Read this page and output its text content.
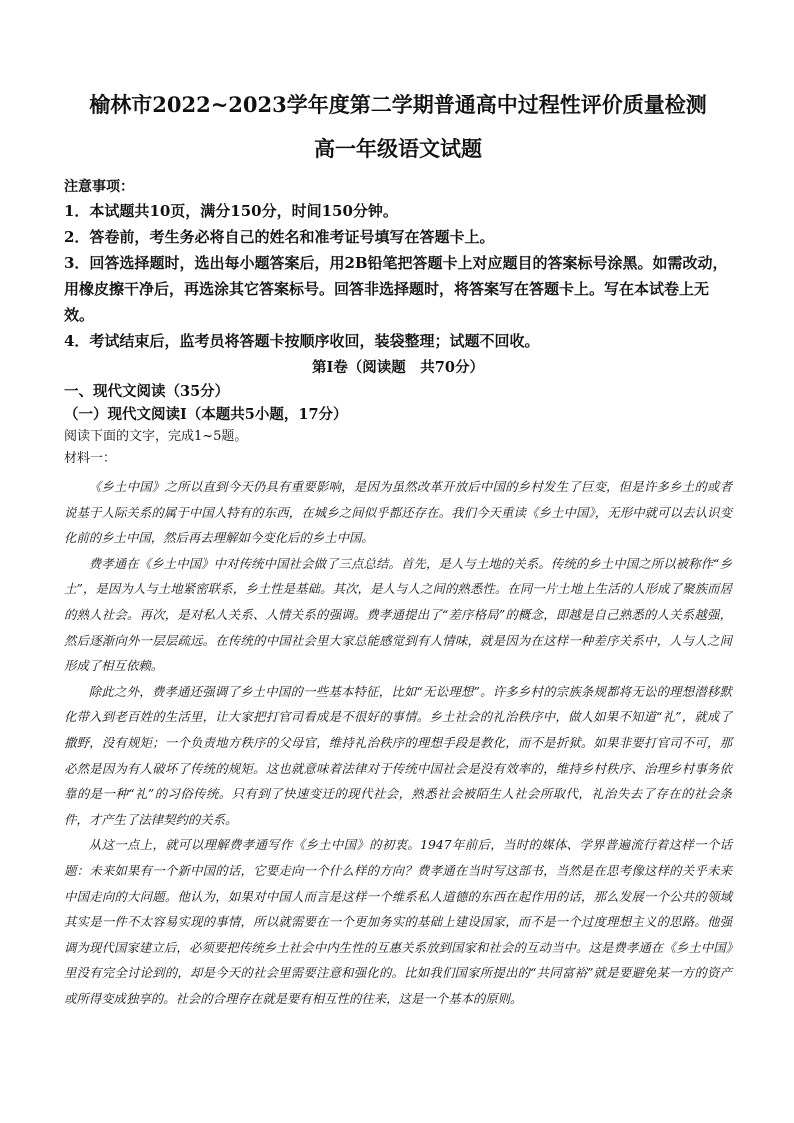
榆林市2022~2023学年度第二学期普通高中过程性评价质量检测
高一年级语文试题
注意事项：
1．本试题共10页，满分150分，时间150分钟。
2．答卷前，考生务必将自己的姓名和准考证号填写在答题卡上。
3．回答选择题时，选出每小题答案后，用2B铅笔把答题卡上对应题目的答案标号涂黑。如需改动，用橡皮擦干净后，再选涂其它答案标号。回答非选择题时，将答案写在答题卡上。写在本试卷上无效。
4．考试结束后，监考员将答题卡按顺序收回，装袋整理；试题不回收。
第Ⅰ卷（阅读题　共70分）
一、现代文阅读（35分）
（一）现代文阅读Ⅰ（本题共5小题，17分）
阅读下面的文字，完成1~5题。
材料一：

《乡土中国》之所以直到今天仍具有重要影响，是因为虽然改革开放后中国的乡村发生了巨变，但是许多乡土的或者说基于人际关系的属于中国人特有的东西，在城乡之间似乎都还存在。我们今天重读《乡土中国》，无形中就可以去认识变化前的乡土中国，然后再去理解如今变化后的乡土中国。

费孝通在《乡土中国》中对传统中国社会做了三点总结。首先，是人与土地的关系。传统的乡土中国之所以被称作“乡土”，是因为人与土地紧密联系，乡土性是基础。其次，是人与人之间的熟悉性。在同一片土地上生活的人形成了聚族而居的熟人社会。再次，是对私人关系、人情关系的强调。费孝通提出了“差序格局”的概念，即越是自己熟悉的人关系越强，然后逐渐向外一层层疏远。在传统的中国社会里大家总能感觉到有人情味，就是因为在这样一种差序关系中，人与人之间形成了相互依赖。

除此之外，费孝通还强调了乡土中国的一些基本特征，比如“无讼理想”。许多乡村的宗族条规都将无讼的理想潜移默化带入到老百姓的生活里，让大家把打官司看成是不很好的事情。乡土社会的礼治秩序中，做人如果不知道“礼”，就成了撒野，没有规矩；一个负责地方秩序的父母官，维持礼治秩序的理想手段是教化，而不是折狱。如果非要打官司不可，那必然是因为有人破坏了传统的规矩。这也就意味着法律对于传统中国社会是没有效率的，维持乡村秩序、治理乡村事务依靠的是一种“礼”的习俗传统。只有到了快速变迁的现代社会，熟悉社会被陌生人社会所取代，礼治失去了存在的社会条件，才产生了法律契约的关系。

从这一点上，就可以理解费孝通写作《乡土中国》的初衷。1947年前后，当时的媒体、学界普遍流行着这样一个话题：未来如果有一个新中国的话，它要走向一个什么样的方向？费孝通在当时写这部书，当然是在思考像这样的关乎未来中国走向的大问题。他认为，如果对中国人而言是这样一个维系私人道德的东西在起作用的话，那么发展一个公共的领域其实是一件不太容易实现的事情，所以就需要在一个更加务实的基础上建设国家，而不是一个过度理想主义的思路。他强调为现代国家建立后，必须要把传统乡土社会中内生性的互惠关系放到国家和社会的互动当中。这是费孝通在《乡土中国》里没有完全讨论到的，却是今天的社会里需要注意和强化的。比如我们国家所提出的“共同富裕”就是要避免某一方的资产或所得变成独享的。社会的合理存在就是要有相互性的往来，这是一个基本的原则。
